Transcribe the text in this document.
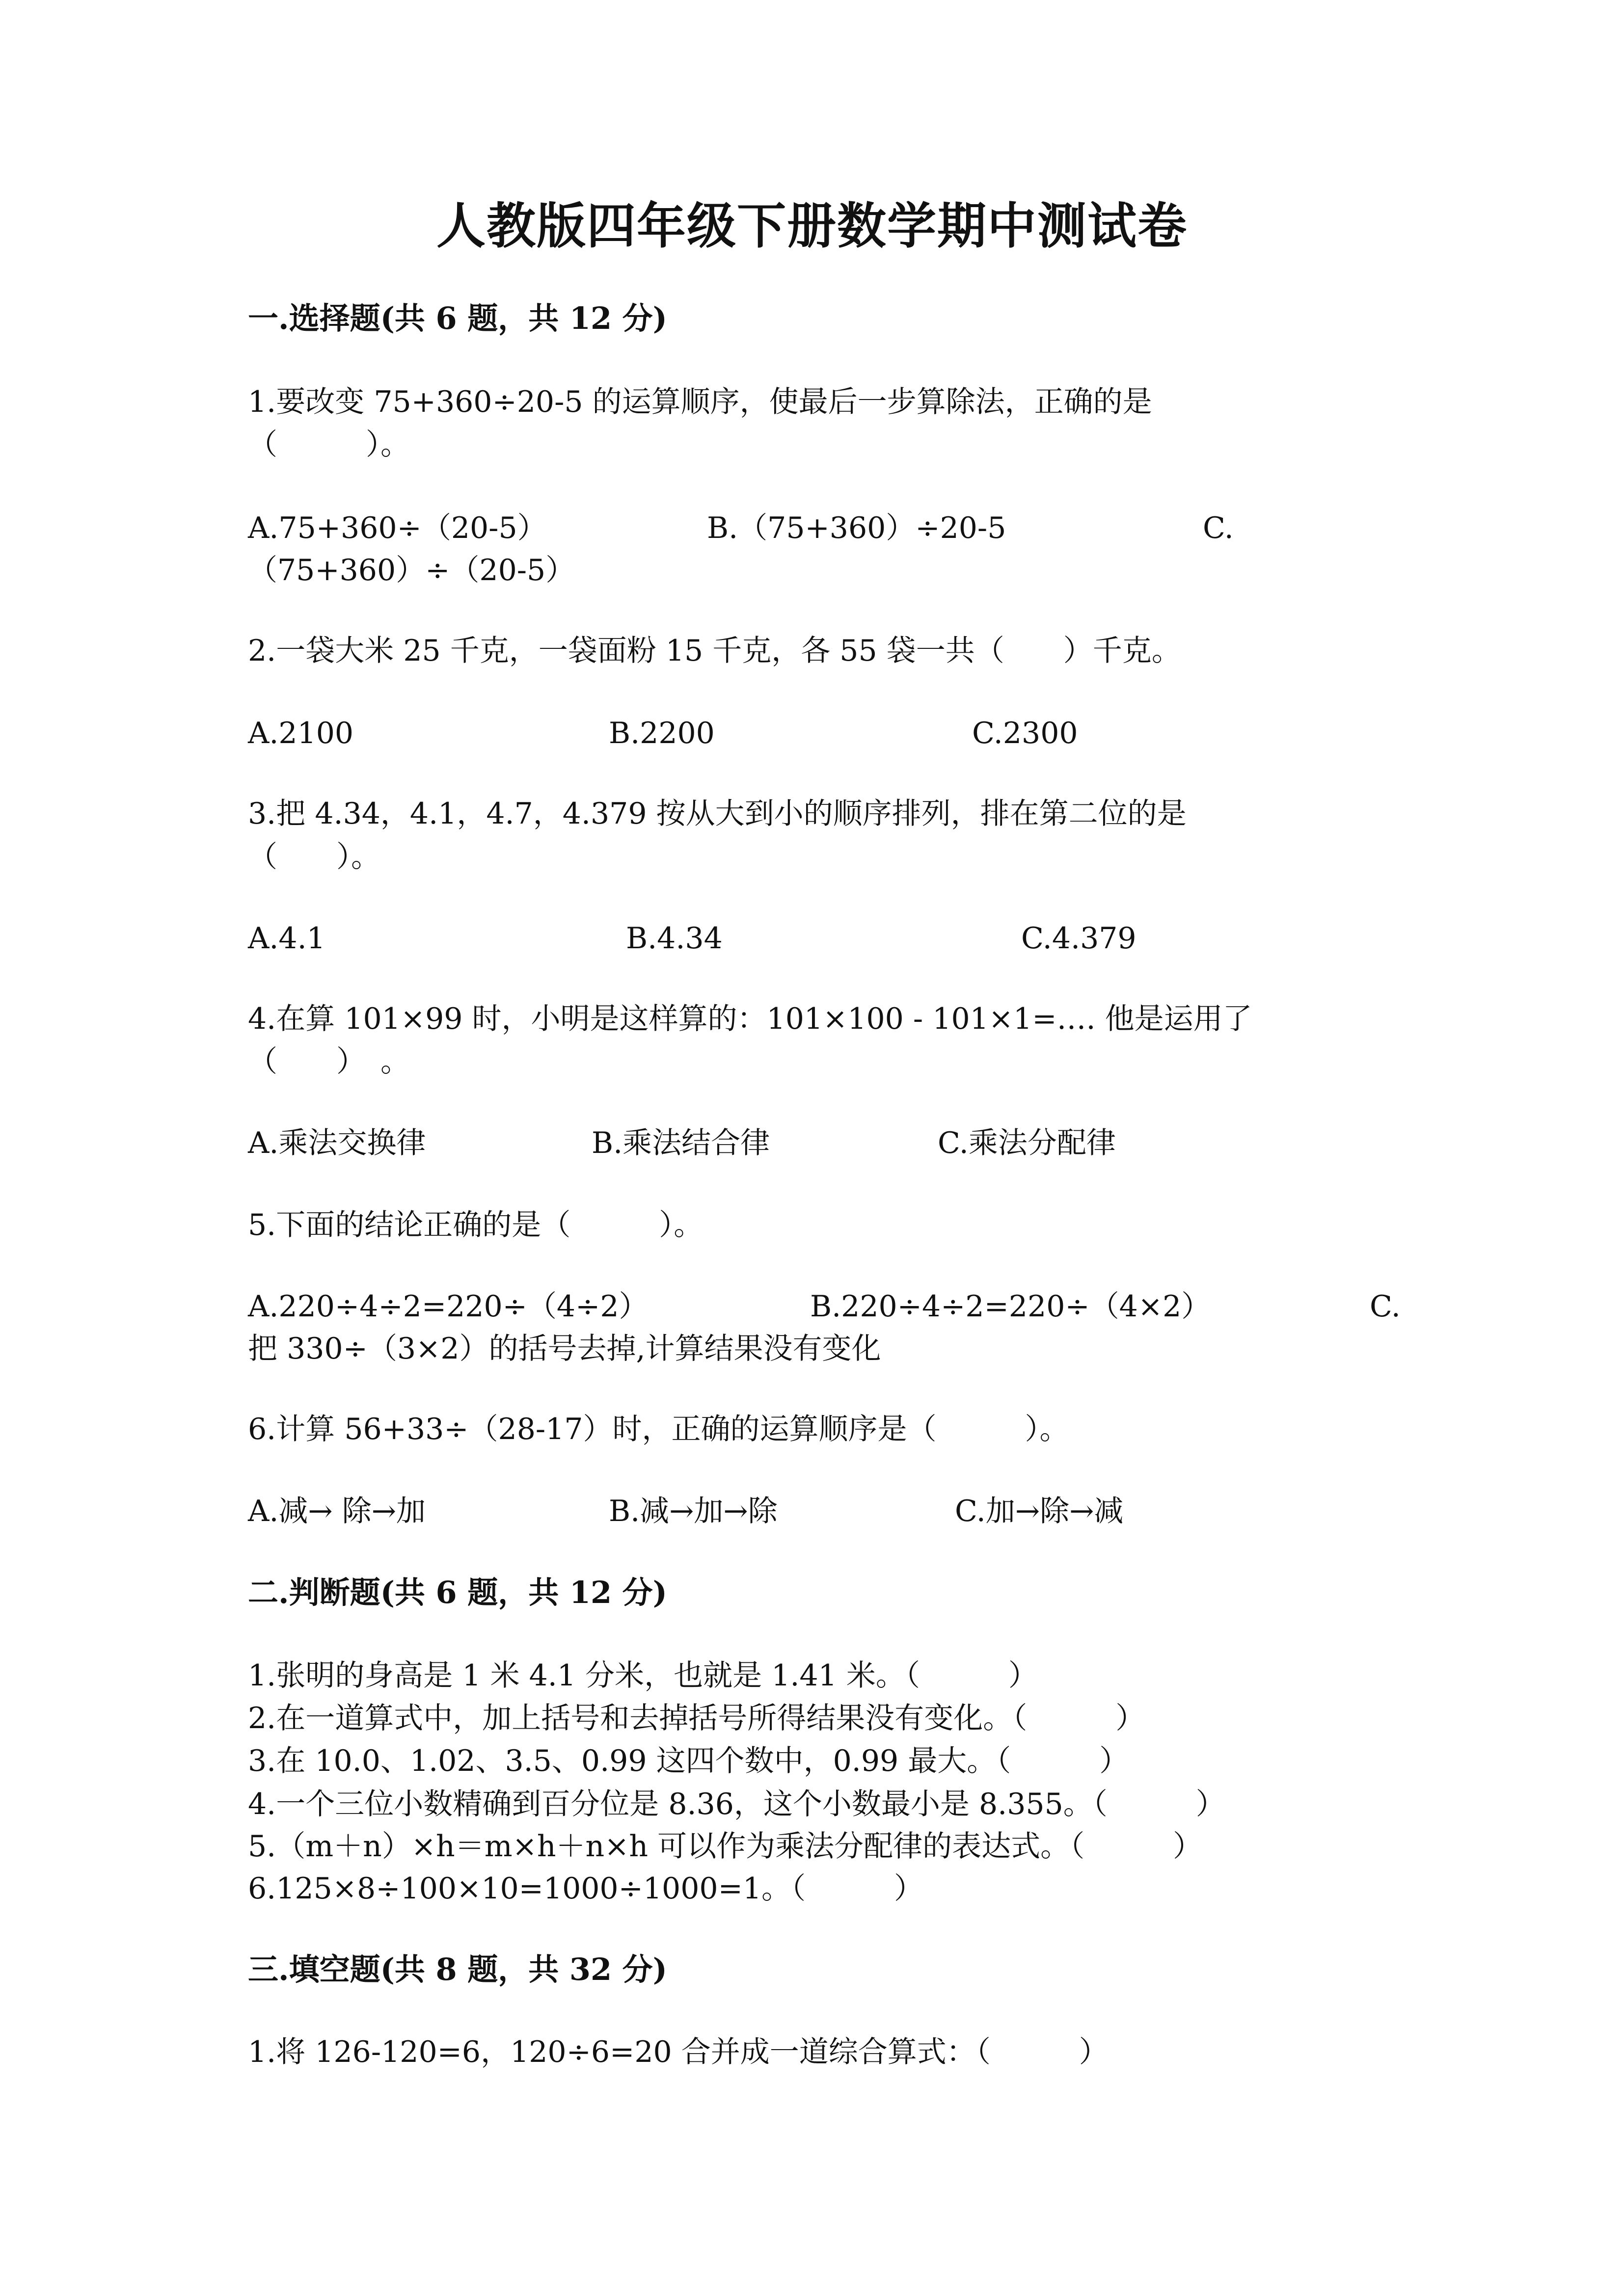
人教版四年级下册数学期中测试卷
一.选择题(共 6 题，共 12 分)
1.要改变 75+360÷20-5 的运算顺序，使最后一步算除法，正确的是
（　　　）。
A.75+360÷（20-5）	B.（75+360）÷20-5	C.
（75+360）÷（20-5）
2.一袋大米 25 千克，一袋面粉 15 千克，各 55 袋一共（　　）千克。
A.2100	B.2200	C.2300
3.把 4.34，4.1，4.7，4.379 按从大到小的顺序排列，排在第二位的是
（　　）。
A.4.1	B.4.34	C.4.379
4.在算 101×99 时，小明是这样算的：101×100 - 101×1=…. 他是运用了
（　　）　。
A.乘法交换律	B.乘法结合律	C.乘法分配律
5.下面的结论正确的是（　　　）。
A.220÷4÷2=220÷（4÷2）	B.220÷4÷2=220÷（4×2）	C.
把 330÷（3×2）的括号去掉,计算结果没有变化
6.计算 56+33÷（28-17）时，正确的运算顺序是（　　　）。
A.减→ 除→加	B.减→加→除	C.加→除→减
二.判断题(共 6 题，共 12 分)
1.张明的身高是 1 米 4.1 分米，也就是 1.41 米。（　　　）
2.在一道算式中，加上括号和去掉括号所得结果没有变化。（　　　）
3.在 10.0、1.02、3.5、0.99 这四个数中，0.99 最大。（　　　）
4.一个三位小数精确到百分位是 8.36，这个小数最小是 8.355。（　　　）
5.（m＋n）×h＝m×h＋n×h 可以作为乘法分配律的表达式。（　　　）
6.125×8÷100×10=1000÷1000=1。（　　　）
三.填空题(共 8 题，共 32 分)
1.将 126-120=6，120÷6=20 合并成一道综合算式：（　　　）
